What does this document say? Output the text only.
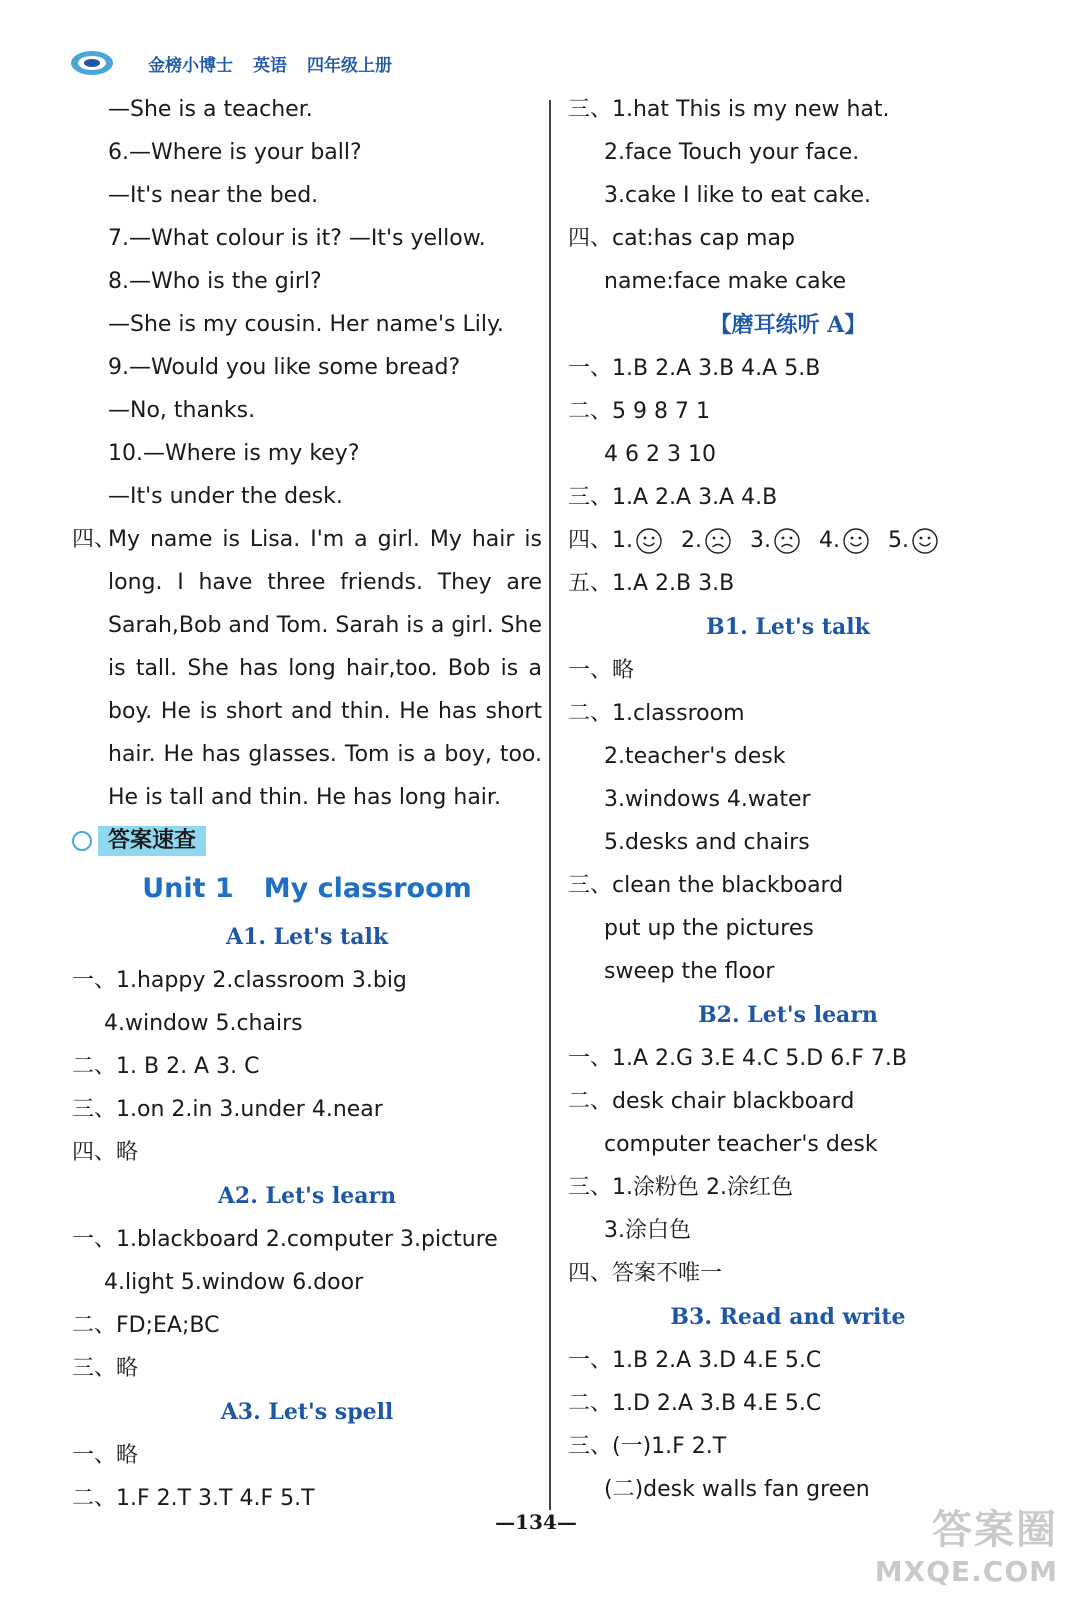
金榜小博士 英语 四年级上册
—She is a teacher.
6.—Where is your ball?
—It's near the bed.
7.—What colour is it? —It's yellow.
8.—Who is the girl?
—She is my cousin. Her name's Lily.
9.—Would you like some bread?
—No, thanks.
10.—Where is my key?
—It's under the desk.
四、My name is Lisa. I'm a girl. My hair is
long. I have three friends. They are
Sarah,Bob and Tom. Sarah is a girl. She
is tall. She has long hair,too. Bob is a
boy. He is short and thin. He has short
hair. He has glasses. Tom is a boy, too.
He is tall and thin. He has long hair.
答案速查
Unit 1 My classroom
A1. Let's talk
一、1.happy 2.classroom 3.big
4.window 5.chairs
二、1. B 2. A 3. C
三、1.on 2.in 3.under 4.near
四、略
A2. Let's learn
一、1.blackboard 2.computer 3.picture
4.light 5.window 6.door
二、FD;EA;BC
三、略
A3. Let's spell
一、略
二、1.F 2.T 3.T 4.F 5.T
三、1.hat This is my new hat.
2.face Touch your face.
3.cake I like to eat cake.
四、cat:has cap map
name:face make cake
【磨耳练听 A】
一、1.B 2.A 3.B 4.A 5.B
二、5 9 8 7 1
4 6 2 3 10
三、1.A 2.A 3.A 4.B
四、1. 2. 3. 4. 5.
五、1.A 2.B 3.B
B1. Let's talk
一、略
二、1.classroom
2.teacher's desk
3.windows 4.water
5.desks and chairs
三、clean the blackboard
put up the pictures
sweep the floor
B2. Let's learn
一、1.A 2.G 3.E 4.C 5.D 6.F 7.B
二、desk chair blackboard
computer teacher's desk
三、1.涂粉色 2.涂红色
3.涂白色
四、答案不唯一
B3. Read and write
一、1.B 2.A 3.D 4.E 5.C
二、1.D 2.A 3.B 4.E 5.C
三、(一)1.F 2.T
(二)desk walls fan green
—134—	答案圈
MXQE.COM
